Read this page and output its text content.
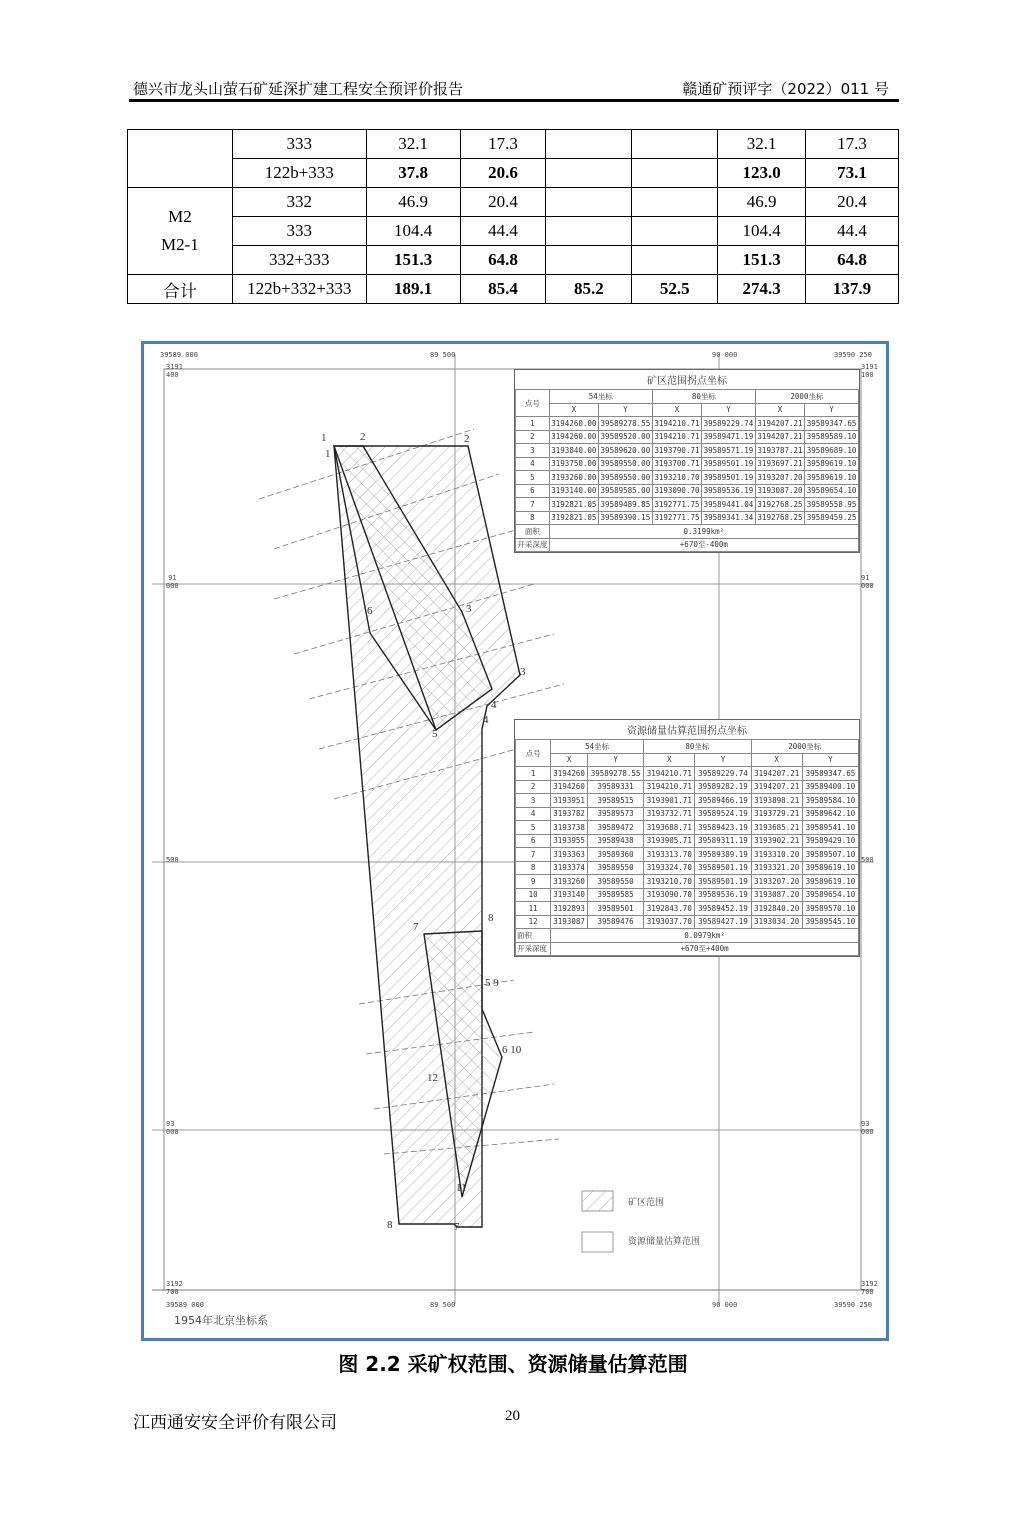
德兴市龙头山萤石矿延深扩建工程安全预评价报告	赣通矿预评字（2022）011 号
	333	32.1	17.3			32.1	17.3
	122b+333	37.8	20.6			123.0	73.1

M2
M2-1	332	46.9	20.4			46.9	20.4
	333	104.4	44.4			104.4	44.4
	332+333	151.3	64.8			151.3	64.8
合计	122b+332+333	189.1	85.4	85.2	52.5	274.3	137.9
39589 000	89 500	90 000	39590 250
91
000
500
93
000
3192
700
3191
400
3191
100
91
000
500
93
000
3192
700
39589 000	89 500	90 000	39590 250
1
1
2	2
3
6
3
4
4
5
7
8
5 9
6 10
12
11
8	7
矿区范围拐点坐标
点号	54坐标		80坐标		2000坐标	
	X	Y	X	Y	X	Y
1	3194260.00	39589278.55	3194210.71	39589229.74	3194207.21	39589347.65
2	3194260.00	39589520.00	3194210.71	39589471.19	3194207.21	39589589.10
3	3193840.00	39589620.00	3193790.71	39589571.19	3193787.21	39589689.10
4	3193750.00	39589550.00	3193700.71	39589501.19	3193697.21	39589619.10
5	3193260.00	39589550.00	3193210.70	39589501.19	3193207.20	39589619.10
6	3193140.00	39589585.00	3193090.70	39589536.19	3193087.20	39589654.10
7	3192821.05	39589489.85	3192771.75	39589441.04	3192768.25	39589558.95
8	3192821.05	39589390.15	3192771.75	39589341.34	3192768.25	39589459.25
面积	0.3199km²					
开采深度	+670至-400m					
资源储量估算范围拐点坐标
点号	54坐标		80坐标		2000坐标	
	X	Y	X	Y	X	Y
1	3194260	39589278.55	3194210.71	39589229.74	3194207.21	39589347.65
2	3194260	39589331	3194210.71	39589282.19	3194207.21	39589400.10
3	3193951	39589515	3193901.71	39589466.19	3193898.21	39589584.10
4	3193782	39589573	3193732.71	39589524.19	3193729.21	39589642.10
5	3193738	39589472	3193688.71	39589423.19	3193685.21	39589541.10
6	3193955	39589438	3193905.71	39589311.19	3193902.21	39589429.10
7	3193363	39589360	3193313.70	39589389.19	3193310.20	39589507.10
8	3193374	39589550	3193324.70	39589501.19	3193321.20	39589619.10
9	3193260	39589550	3193210.70	39589501.19	3193207.20	39589619.10
10	3193140	39589585	3193090.70	39589536.19	3193087.20	39589654.10
11	3192893	39589501	3192843.70	39589452.19	3192840.20	39589570.10
12	3193087	39589476	3193037.70	39589427.19	3193034.20	39589545.10
面积	0.0979km²					
开采深度	+670至+400m					
矿区范围
资源储量估算范围
1954年北京坐标系
图 2.2 采矿权范围、资源储量估算范围
江西通安安全评价有限公司	20
